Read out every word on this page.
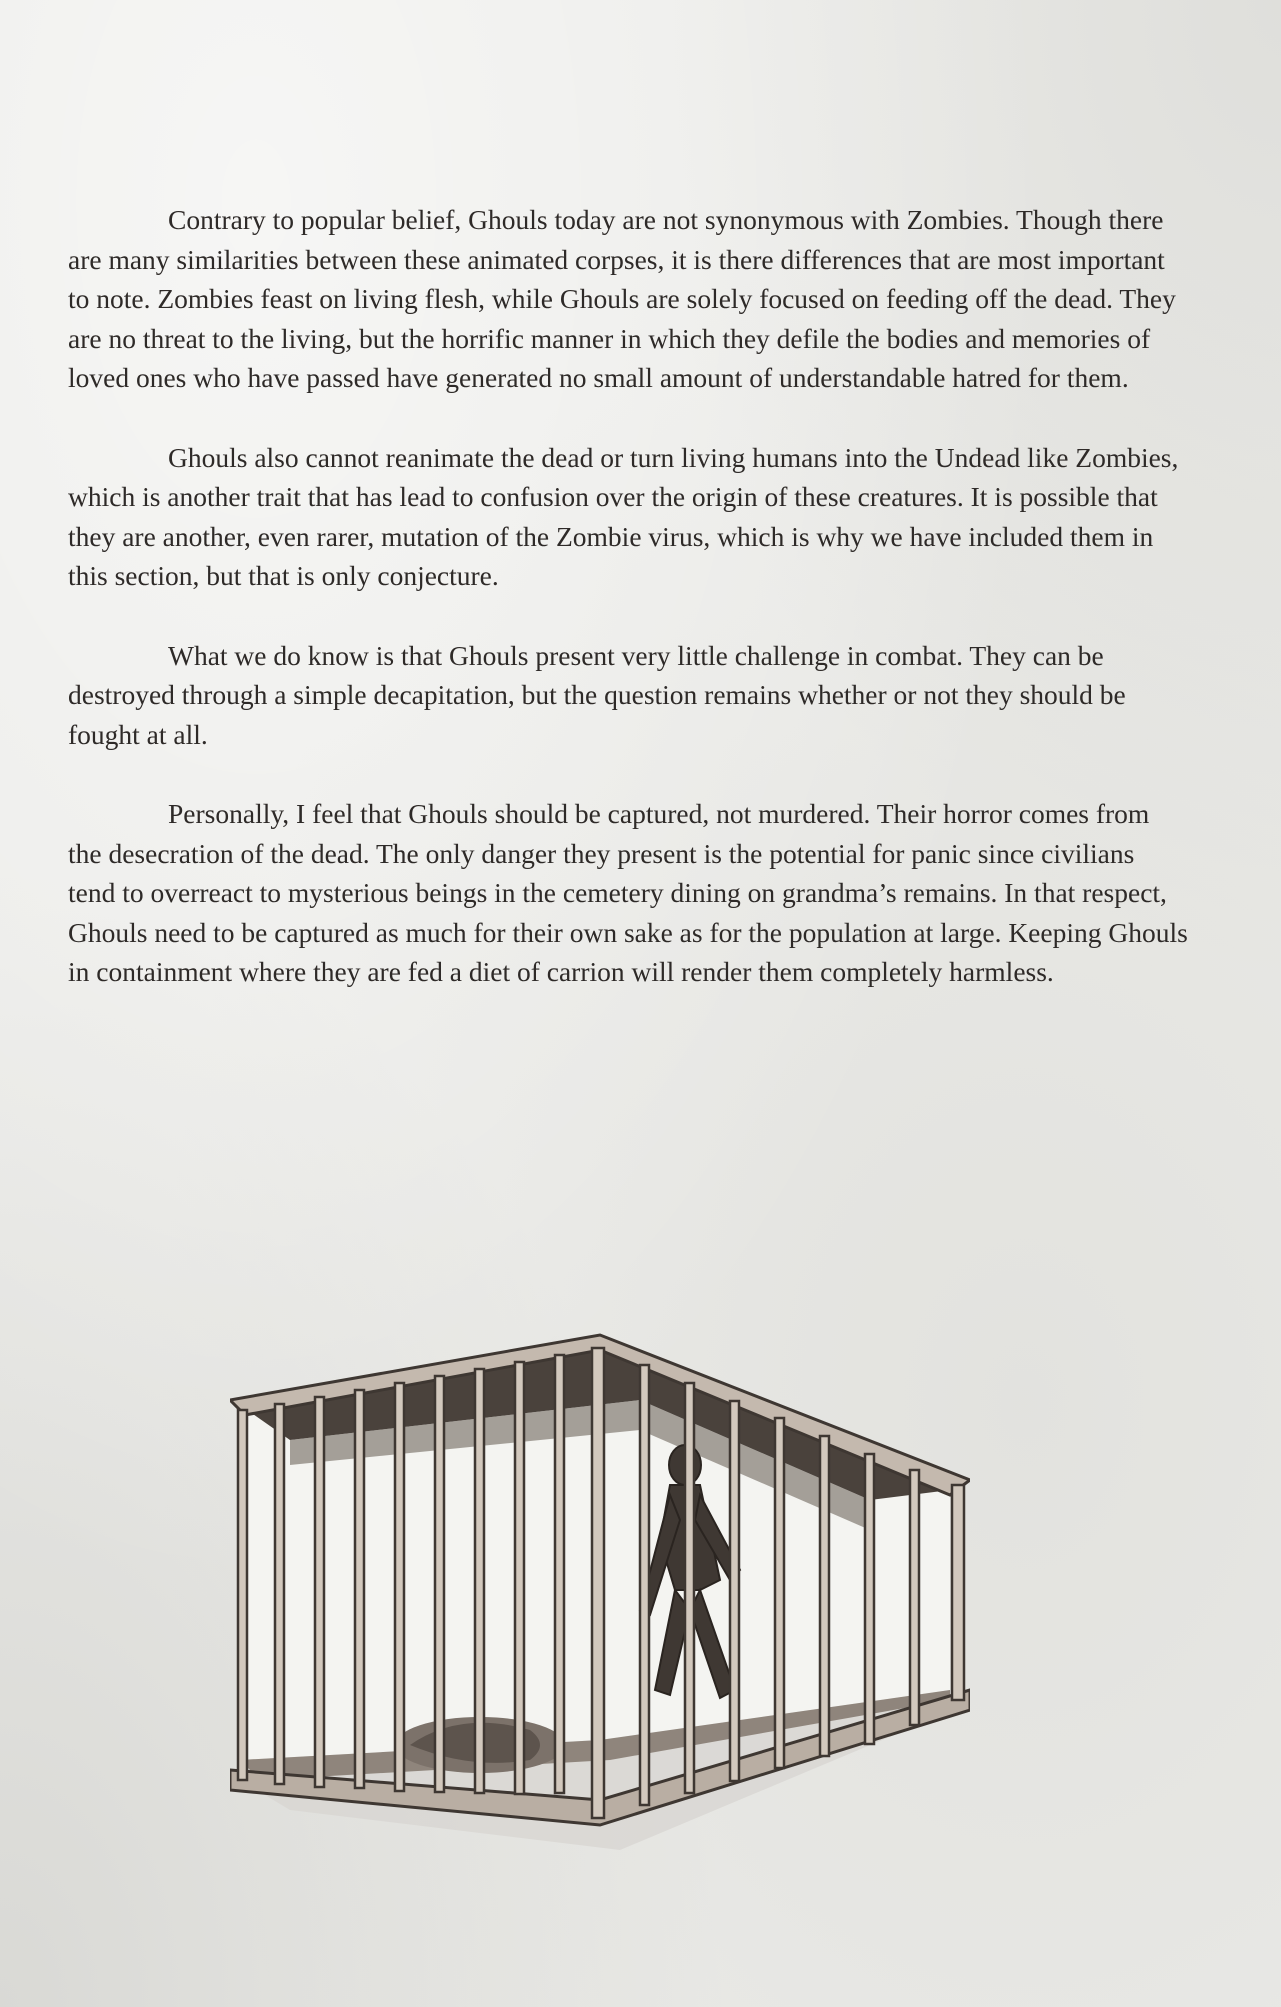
Contrary to popular belief, Ghouls today are not synonymous with Zombies. Though there are many similarities between these animated corpses, it is there differences that are most important to note. Zombies feast on living flesh, while Ghouls are solely focused on feeding off the dead. They are no threat to the living, but the horrific manner in which they defile the bodies and memories of loved ones who have passed have generated no small amount of understandable hatred for them.

Ghouls also cannot reanimate the dead or turn living humans into the Undead like Zombies, which is another trait that has lead to confusion over the origin of these creatures. It is possible that they are another, even rarer, mutation of the Zombie virus, which is why we have included them in this section, but that is only conjecture.

What we do know is that Ghouls present very little challenge in combat. They can be destroyed through a simple decapitation, but the question remains whether or not they should be fought at all.

Personally, I feel that Ghouls should be captured, not murdered. Their horror comes from the desecration of the dead. The only danger they present is the potential for panic since civilians tend to overreact to mysterious beings in the cemetery dining on grandma’s remains. In that respect, Ghouls need to be captured as much for their own sake as for the population at large. Keeping Ghouls in containment where they are fed a diet of carrion will render them completely harmless.
